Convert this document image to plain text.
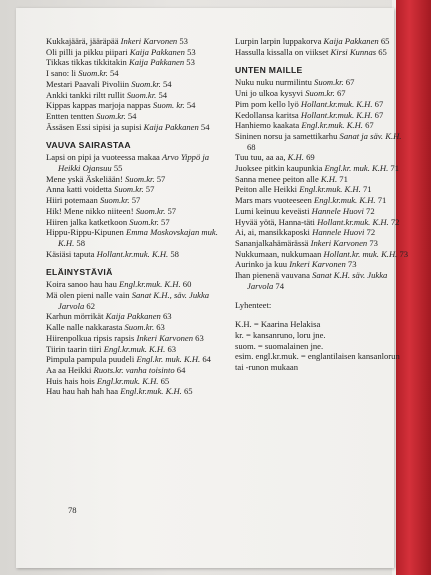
Kukkajäärä, jääräpää Inkeri Karvonen 53

Oli pilli ja pikku piipari Kaija Pakkanen 53

Tikkas tikkas tikkitakin Kaija Pakkanen 53

I sano: li Suom.kr. 54

Mestari Paavali Pivoliin Suom.kr. 54

Ankki tankki riltt rullit Suom.kr. 54

Kippas kappas marjoja nappas Suom. kr. 54

Entten tentten Suom.kr. 54

Ässäsen Essi sipisi ja supisi Kaija Pakkanen 54

VAUVA SAIRASTAA

Lapsi on pipi ja vuoteessa makaa Arvo Yippö ja Heikki Ojansuu 55

Mene yskä Äskeliään! Suom.kr. 57

Anna katti voidetta Suom.kr. 57

Hiiri potemaan Suom.kr. 57

Hik! Mene nikko niiteen! Suom.kr. 57

Hiiren jalka katketkoon Suom.kr. 57

Hippu-Rippu-Kipunen Emma Moskovskajan muk. K.H. 58

Käsiäsi taputa Hollant.kr.muk. K.H. 58

ELÄINYSTÄVIÄ

Koira sanoo hau hau Engl.kr.muk. K.H. 60

Mä olen pieni nalle vain Sanat K.H., säv. Jukka Jarvola 62

Karhun mörrikät Kaija Pakkanen 63

Kalle nalle nakkarasta Suom.kr. 63

Hiirenpolkua ripsis rapsis Inkeri Karvonen 63

Tiirin taarin tiiri Engl.kr.muk. K.H. 63

Pimpula pampula puudeli Engl.kr. muk. K.H. 64

Aa aa Heikki Ruots.kr. vanha toisinto 64

Huis hais hois Engl.kr.muk. K.H. 65

Hau hau hah hah haa Engl.kr.muk. K.H. 65

Lurpin larpin luppakorva Kaija Pakkanen 65

Hassulla kissalla on viikset Kirsi Kunnas 65

UNTEN MAILLE

Nuku nuku nurmilintu Suom.kr. 67

Uni jo ulkoa kysyvi Suom.kr. 67

Pim pom kello lyö Hollant.kr.muk. K.H. 67

Kedollansa karitsa Hollant.kr.muk. K.H. 67

Hanhiemo kaakata Engl.kr.muk. K.H. 67

Sininen norsu ja samettikarhu Sanat ja säv. K.H. 68

Tuu tuu, aa aa, K.H. 69

Juoksee pitkin kaupunkia Engl.kr. muk. K.H. 71

Sanna menee peiton alle K.H. 71

Peiton alle Heikki Engl.kr.muk. K.H. 71

Mars mars vuoteeseen Engl.kr.muk. K.H. 71

Lumi keinuu keveästi Hannele Huovi 72

Hyvää yötä, Hanna-täti Hollant.kr.muk. K.H. 72

Ai, ai, mansikkaposki Hannele Huovi 72

Sananjalkahämärässä Inkeri Karvonen 73

Nukkumaan, nukkumaan Hollant.kr. muk. K.H. 73

Aurinko ja kuu Inkeri Karvonen 73

Ihan pienenä vauvana Sanat K.H. säv. Jukka Jarvola 74

Lyhenteet:

K.H. = Kaarina Helakisa

kr. = kansanruno, loru jne.

suom. = suomalainen jne.

esim. engl.kr.muk. = englantilaisen kansanlorun tai -runon mukaan

78
